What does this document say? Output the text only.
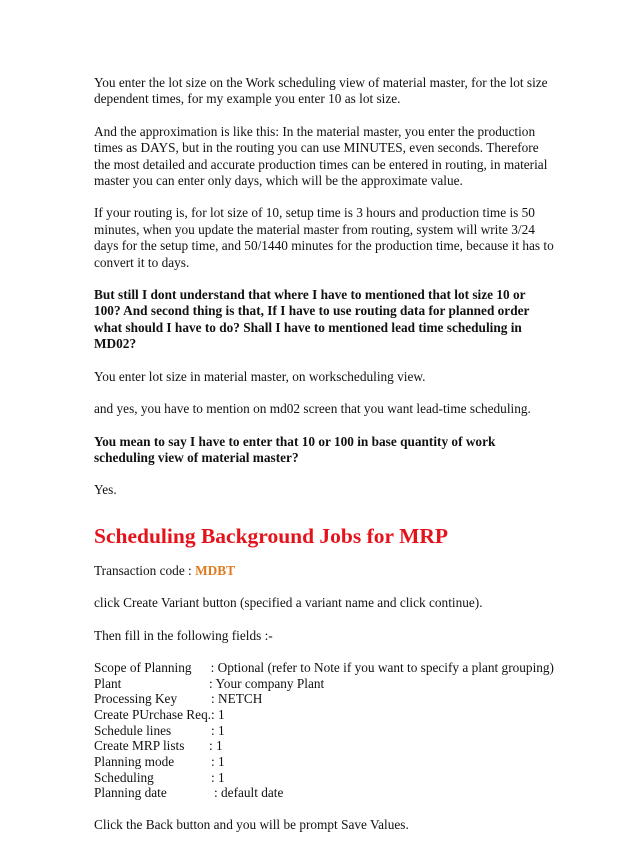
You enter the lot size on the Work scheduling view of material master, for the lot size dependent times, for my example you enter 10 as lot size.

And the approximation is like this: In the material master, you enter the production times as DAYS, but in the routing you can use MINUTES, even seconds. Therefore the most detailed and accurate production times can be entered in routing, in material master you can enter only days, which will be the approximate value.

If your routing is, for lot size of 10, setup time is 3 hours and production time is 50 minutes, when you update the material master from routing, system will write 3/24 days for the setup time, and 50/1440 minutes for the production time, because it has to convert it to days.

But still I dont understand that where I have to mentioned that lot size 10 or 100? And second thing is that, If I have to use routing data for planned order what should I have to do? Shall I have to mentioned lead time scheduling in MD02?

You enter lot size in material master, on workscheduling view.

and yes, you have to mention on md02 screen that you want lead-time scheduling.

You mean to say I have to enter that 10 or 100 in base quantity of work scheduling view of material master?

Yes.

Scheduling Background Jobs for MRP

Transaction code : MDBT

click Create Variant button (specified a variant name and click continue).

Then fill in the following fields :-

Scope of Planning	: Optional (refer to Note if you want to specify a plant grouping)
Plant	: Your company Plant
Processing Key	: NETCH
Create PUrchase Req. : 1
Schedule lines	: 1
Create MRP lists	: 1
Planning mode	: 1
Scheduling	: 1
Planning date	: default date

Click the Back button and you will be prompt Save Values.
